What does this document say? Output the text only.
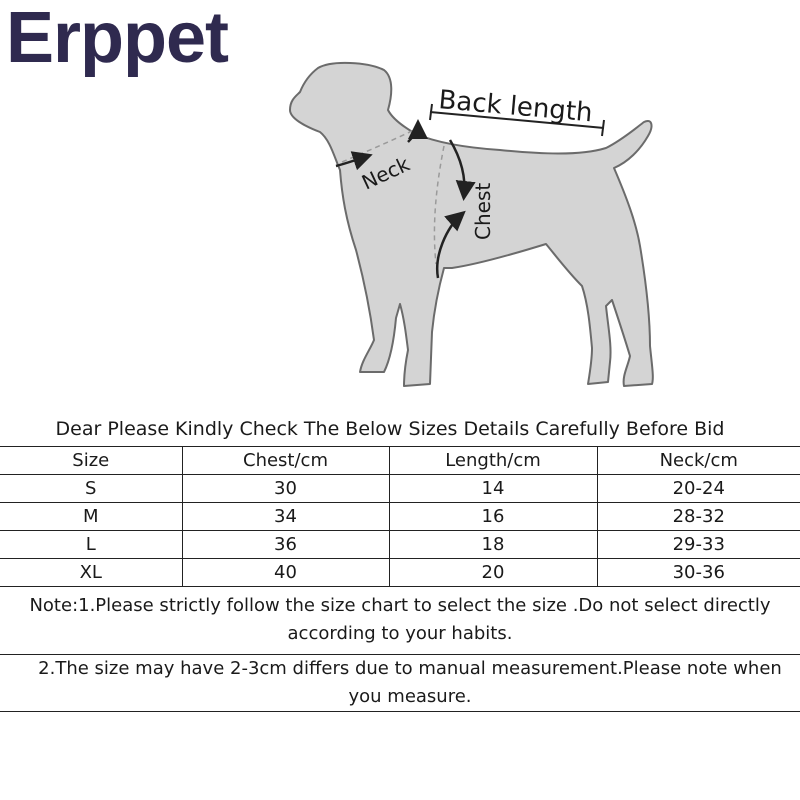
Erppet
Back length
Neck
Chest
Dear Please Kindly Check The Below Sizes Details Carefully Before Bid
Size	Chest/cm	Length/cm	Neck/cm
S	30	14	20-24
M	34	16	28-32
L	36	18	29-33
XL	40	20	30-36
Note:1.Please strictly follow the size chart to select the size .Do not select directly
according to your habits.
2.The size may have 2-3cm differs due to manual measurement.Please note when
you measure.
